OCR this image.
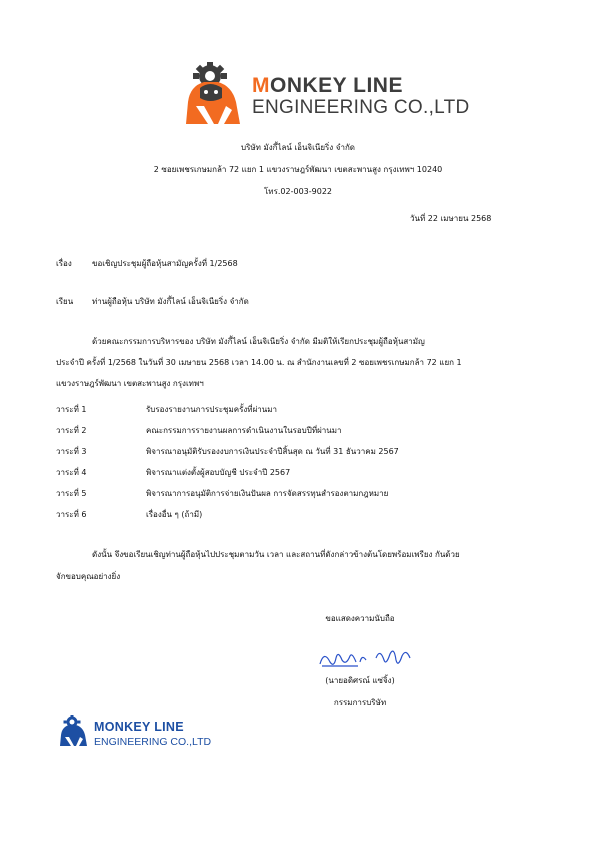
MONKEY LINE
ENGINEERING CO.,LTD
บริษัท มังกี้ไลน์ เอ็นจิเนียริ่ง จำกัด
2 ซอยเพชรเกษมกล้า 72 แยก 1 แขวงราษฎร์พัฒนา เขตสะพานสูง กรุงเทพฯ 10240
โทร.02-003-9022
วันที่ 22 เมษายน 2568
เรื่อง	ขอเชิญประชุมผู้ถือหุ้นสามัญครั้งที่ 1/2568
เรียน ท่านผู้ถือหุ้น บริษัท มังกี้ไลน์ เอ็นจิเนียริ่ง จำกัด
ด้วยคณะกรรมการบริหารของ บริษัท มังกี้ไลน์ เอ็นจิเนียริ่ง จำกัด มีมติให้เรียกประชุมผู้ถือหุ้นสามัญ
ประจำปี ครั้งที่ 1/2568 ในวันที่ 30 เมษายน 2568 เวลา 14.00 น. ณ สำนักงานเลขที่ 2 ซอยเพชรเกษมกล้า 72 แยก 1
แขวงราษฎร์พัฒนา เขตสะพานสูง กรุงเทพฯ
วาระที่ 1	รับรองรายงานการประชุมครั้งที่ผ่านมา
วาระที่ 2	คณะกรรมการรายงานผลการดำเนินงานในรอบปีที่ผ่านมา
วาระที่ 3	พิจารณาอนุมัติรับรองงบการเงินประจำปีสิ้นสุด ณ วันที่ 31 ธันวาคม 2567
วาระที่ 4	พิจารณาแต่งตั้งผู้สอบบัญชี ประจำปี 2567
วาระที่ 5	พิจารณาการอนุมัติการจ่ายเงินปันผล การจัดสรรทุนสำรองตามกฎหมาย
วาระที่ 6	เรื่องอื่น ๆ (ถ้ามี)
ดังนั้น จึงขอเรียนเชิญท่านผู้ถือหุ้นไปประชุมตามวัน เวลา และสถานที่ดังกล่าวข้างต้นโดยพร้อมเพรียง กันด้วย
จักขอบคุณอย่างยิ่ง
ขอแสดงความนับถือ
(นายอดิศรณ์ แซ่จิ้ง)
กรรมการบริษัท
MONKEY LINE
ENGINEERING CO.,LTD
